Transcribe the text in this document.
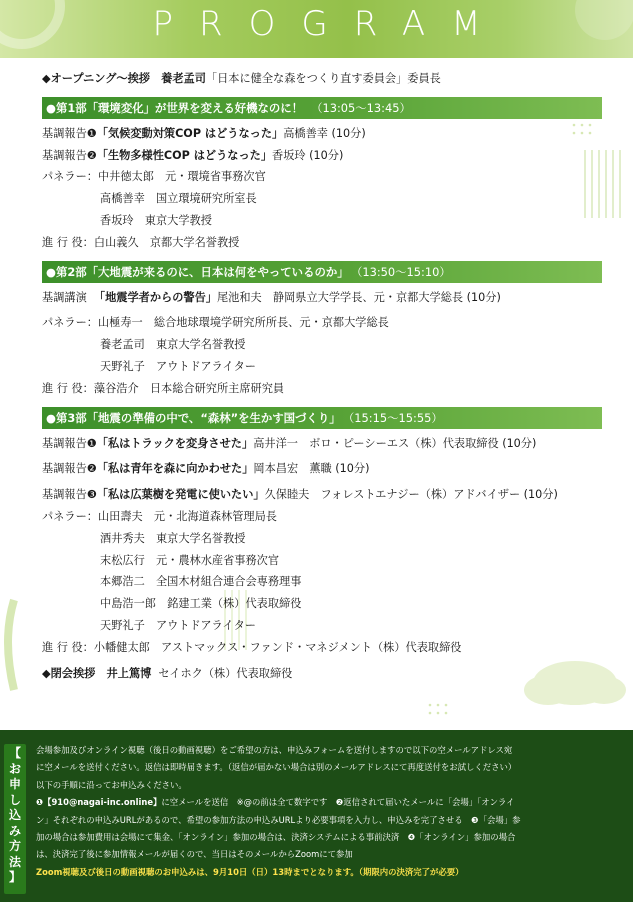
PROGRAM
◆オープニング～挨拶　養老孟司「日本に健全な森をつくり直す委員会」委員長
●第1部「環境変化」が世界を変える好機なのに！ （13:05～13:45）
基調報告❶「気候変動対策COP はどうなった」高橋善幸 (10分)
基調報告❷「生物多様性COP はどうなった」香坂玲 (10分)
パネラー：中井徳太郎　元・環境省事務次官
高橋善幸　国立環境研究所室長
香坂玲　東京大学教授
進 行 役：白山義久　京都大学名誉教授
●第2部「大地震が来るのに、日本は何をやっているのか」 （13:50～15:10）
基調講演 「地震学者からの警告」尾池和夫　静岡県立大学学長、元・京都大学総長 (10分)
パネラー：山極寿一　総合地球環境学研究所所長、元・京都大学総長
養老孟司　東京大学名誉教授
天野礼子　アウトドアライター
進 行 役：藻谷浩介　日本総合研究所主席研究員
●第3部「地震の準備の中で、“森林”を生かす国づくり」 （15:15～15:55）
基調報告❶「私はトラックを変身させた」高井洋一　ボロ・ピーシーエス（株）代表取締役 (10分)
基調報告❷「私は青年を森に向かわせた」岡本昌宏　薫職 (10分)
基調報告❸「私は広葉樹を発電に使いたい」久保睦夫　フォレストエナジー（株）アドバイザー (10分)
パネラー：山田壽夫　元・北海道森林管理局長
酒井秀夫　東京大学名誉教授
末松広行　元・農林水産省事務次官
本郷浩二　全国木材組合連合会専務理事
中島浩一郎　銘建工業（株）代表取締役
天野礼子　アウトドアライター
進 行 役：小幡健太郎　アストマックス・ファンド・マネジメント（株）代表取締役
◆閉会挨拶　井上篤博 セイホク（株）代表取締役
【
お
申
し
込
み
方
法
】
会場参加及びオンライン視聴（後日の動画視聴）をご希望の方は、申込みフォームを送付しますので以下の空メールアドレス宛
に空メールを送付ください。返信は即時届きます。（返信が届かない場合は別のメールアドレスにて再度送付をお試しください）
以下の手順に沿ってお申込みください。
❶【910@nagai-inc.online】に空メールを送信　※@の前は全て数字です　❷返信されて届いたメールに「会場」「オンライ
ン」それぞれの申込みURLがあるので、希望の参加方法の申込みURLより必要事項を入力し、申込みを完了させる　❸「会場」参
加の場合は参加費用は会場にて集金、「オンライン」参加の場合は、決済システムによる事前決済　❹「オンライン」参加の場合
は、決済完了後に参加情報メールが届くので、当日はそのメールからZoomにて参加
Zoom視聴及び後日の動画視聴のお申込みは、9月10日（日）13時までとなります。（期限内の決済完了が必要）
